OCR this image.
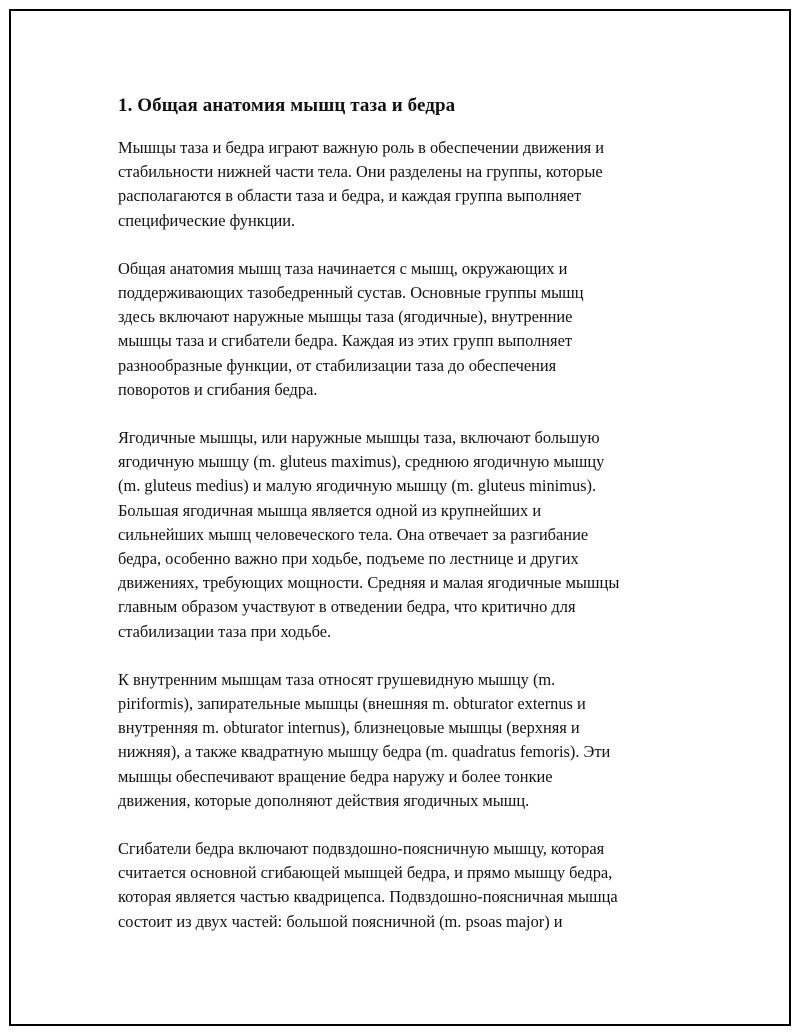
1. Общая анатомия мышц таза и бедра

Мышцы таза и бедра играют важную роль в обеспечении движения и
стабильности нижней части тела. Они разделены на группы, которые
располагаются в области таза и бедра, и каждая группа выполняет
специфические функции.

Общая анатомия мышц таза начинается с мышц, окружающих и
поддерживающих тазобедренный сустав. Основные группы мышц
здесь включают наружные мышцы таза (ягодичные), внутренние
мышцы таза и сгибатели бедра. Каждая из этих групп выполняет
разнообразные функции, от стабилизации таза до обеспечения
поворотов и сгибания бедра.

Ягодичные мышцы, или наружные мышцы таза, включают большую
ягодичную мышцу (m. gluteus maximus), среднюю ягодичную мышцу
(m. gluteus medius) и малую ягодичную мышцу (m. gluteus minimus).
Большая ягодичная мышца является одной из крупнейших и
сильнейших мышц человеческого тела. Она отвечает за разгибание
бедра, особенно важно при ходьбе, подъеме по лестнице и других
движениях, требующих мощности. Средняя и малая ягодичные мышцы
главным образом участвуют в отведении бедра, что критично для
стабилизации таза при ходьбе.

К внутренним мышцам таза относят грушевидную мышцу (m.
piriformis), запирательные мышцы (внешняя m. obturator externus и
внутренняя m. obturator internus), близнецовые мышцы (верхняя и
нижняя), а также квадратную мышцу бедра (m. quadratus femoris). Эти
мышцы обеспечивают вращение бедра наружу и более тонкие
движения, которые дополняют действия ягодичных мышц.

Сгибатели бедра включают подвздошно-поясничную мышцу, которая
считается основной сгибающей мышцей бедра, и прямо мышцу бедра,
которая является частью квадрицепса. Подвздошно-поясничная мышца
состоит из двух частей: большой поясничной (m. psoas major) и
